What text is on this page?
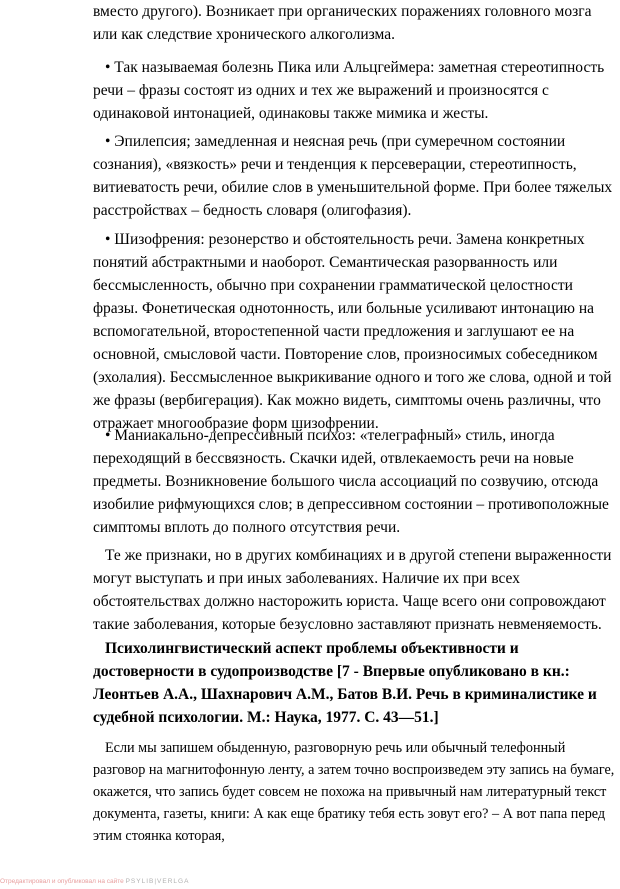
вместо другого). Возникает при органических поражениях головного мозга или как следствие хронического алкоголизма.

• Так называемая болезнь Пика или Альцгеймера: заметная стереотипность речи – фразы состоят из одних и тех же выражений и произносятся с одинаковой интонацией, одинаковы также мимика и жесты.

• Эпилепсия; замедленная и неясная речь (при сумеречном состоянии сознания), «вязкость» речи и тенденция к персеверации, стереотипность, витиеватость речи, обилие слов в уменьшительной форме. При более тяжелых расстройствах – бедность словаря (олигофазия).

• Шизофрения: резонерство и обстоятельность речи. Замена конкретных понятий абстрактными и наоборот. Семантическая разорванность или бессмысленность, обычно при сохранении грамматической целостности фразы. Фонетическая однотонность, или больные усиливают интонацию на вспомогательной, второстепенной части предложения и заглушают ее на основной, смысловой части. Повторение слов, произносимых собеседником (эхолалия). Бессмысленное выкрикивание одного и того же слова, одной и той же фразы (вербигерация). Как можно видеть, симптомы очень различны, что отражает многообразие форм шизофрении.

• Маниакально-депрессивный психоз: «телеграфный» стиль, иногда переходящий в бессвязность. Скачки идей, отвлекаемость речи на новые предметы. Возникновение большого числа ассоциаций по созвучию, отсюда изобилие рифмующихся слов; в депрессивном состоянии – противоположные симптомы вплоть до полного отсутствия речи.

Те же признаки, но в других комбинациях и в другой степени выраженности могут выступать и при иных заболеваниях. Наличие их при всех обстоятельствах должно насторожить юриста. Чаще всего они сопровождают такие заболевания, которые безусловно заставляют признать невменяемость.

Психолингвистический аспект проблемы объективности и достоверности в судопроизводстве [7 - Впервые опубликовано в кн.: Леонтьев А.А., Шахнарович А.М., Батов В.И. Речь в криминалистике и судебной психологии. М.: Наука, 1977. С. 43—51.]

Если мы запишем обыденную, разговорную речь или обычный телефонный разговор на магнитофонную ленту, а затем точно воспроизведем эту запись на бумаге, окажется, что запись будет совсем не похожа на привычный нам литературный текст документа, газеты, книги: А как еще братику тебя есть зовут его? – А вот папа перед этим стоянка которая,

Отредактировал и опубликовал на сайте PSYLIB|VERLGA
